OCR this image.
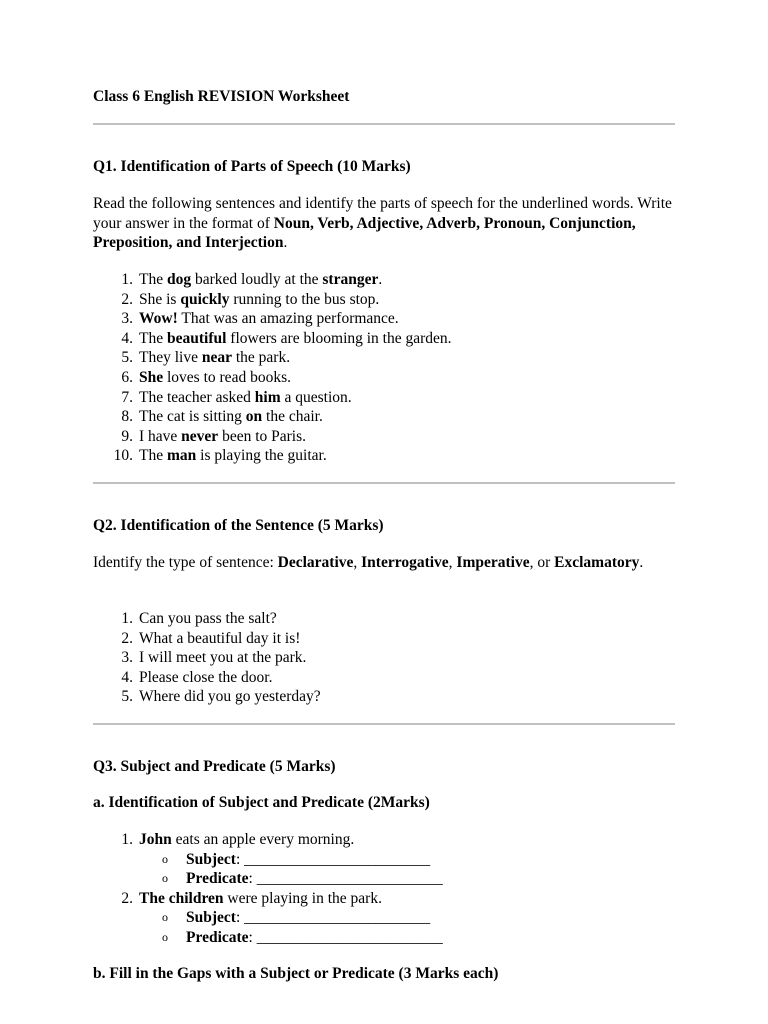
Class 6 English REVISION Worksheet
Q1. Identification of Parts of Speech (10 Marks)
Read the following sentences and identify the parts of speech for the underlined words. Write your answer in the format of Noun, Verb, Adjective, Adverb, Pronoun, Conjunction, Preposition, and Interjection.
1. The dog barked loudly at the stranger.
2. She is quickly running to the bus stop.
3. Wow! That was an amazing performance.
4. The beautiful flowers are blooming in the garden.
5. They live near the park.
6. She loves to read books.
7. The teacher asked him a question.
8. The cat is sitting on the chair.
9. I have never been to Paris.
10. The man is playing the guitar.
Q2. Identification of the Sentence (5 Marks)
Identify the type of sentence: Declarative, Interrogative, Imperative, or Exclamatory.
1. Can you pass the salt?
2. What a beautiful day it is!
3. I will meet you at the park.
4. Please close the door.
5. Where did you go yesterday?
Q3. Subject and Predicate (5 Marks)
a. Identification of Subject and Predicate (2Marks)
1. John eats an apple every morning.
o Subject: ________________________
o Predicate: ________________________
2. The children were playing in the park.
o Subject: ________________________
o Predicate: ________________________
b. Fill in the Gaps with a Subject or Predicate (3 Marks each)
